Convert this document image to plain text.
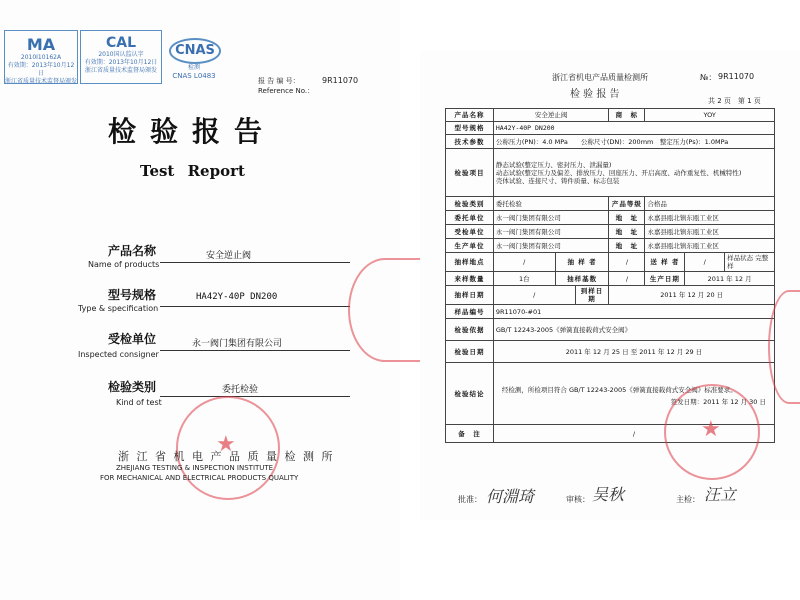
MA
2010I10162A
有效期：2013年10月12日
浙江省质量技术监督局颁发
CAL
2010国认监认字
有效期：2013年10月12日
浙江省质量技术监督局颁发
CNAS
检测
CNAS L0483
报 告 编 号：	9R11070
Reference No.：
检验报告
Test Report
产品名称
Name of products
安全逆止阀
型号规格
Type & specification
HA42Y-40P DN200
受检单位
Inspected consigner
永一阀门集团有限公司
检验类别
Kind of test
委托检验
★
浙 江 省 机 电 产 品 质 量 检 测 所
ZHEJIANG TESTING & INSPECTION INSTITUTE
FOR MECHANICAL AND ELECTRICAL PRODUCTS QUALITY
浙江省机电产品质量检测所	№： 9R11070
检 验 报 告
共 2 页　第 1 页
产品名称	安全逆止阀			商　标	YOY		
型号规格	HA42Y-40P DN200						
技术参数	公称压力(PN)：4.0 MPa　　公称尺寸(DN)：200mm　整定压力(Ps)：1.0MPa						
检验项目	静态试验(整定压力、密封压力、泄漏量)
动态试验(整定压力及偏差、排放压力、回座压力、开启高度、动作重复性、机械特性)
壳体试验、连接尺寸、铸件质量、标志包装						

检验类别	委托检验			产品等级	合格品		
委托单位	永一阀门集团有限公司			地　址	永嘉县瓯北镇东瓯工业区		
受检单位	永一阀门集团有限公司			地　址	永嘉县瓯北镇东瓯工业区		
生产单位	永一阀门集团有限公司			地　址	永嘉县瓯北镇东瓯工业区		
抽样地点	/	抽 样 者		/	送 样 者	/	样品状态 完整样
来样数量	1台	抽样基数		/	生产日期	2011 年 12 月	
抽样日期	/		到样日期	2011 年 12 月 20 日			
样品编号	9R11070-#01						
检验依据	GB/T 12243-2005《弹簧直接载荷式安全阀》						
检验日期	2011 年 12 月 25 日 至 2011 年 12 月 29 日						
检验结论	经检测，所检项目符合 GB/T 12243-2005《弹簧直接载荷式安全阀》标准要求。
签发日期：2011 年 12 月 30 日						

备　注	/							★
批准： 何淵琦	审核： 吴秋	主检： 汪立
